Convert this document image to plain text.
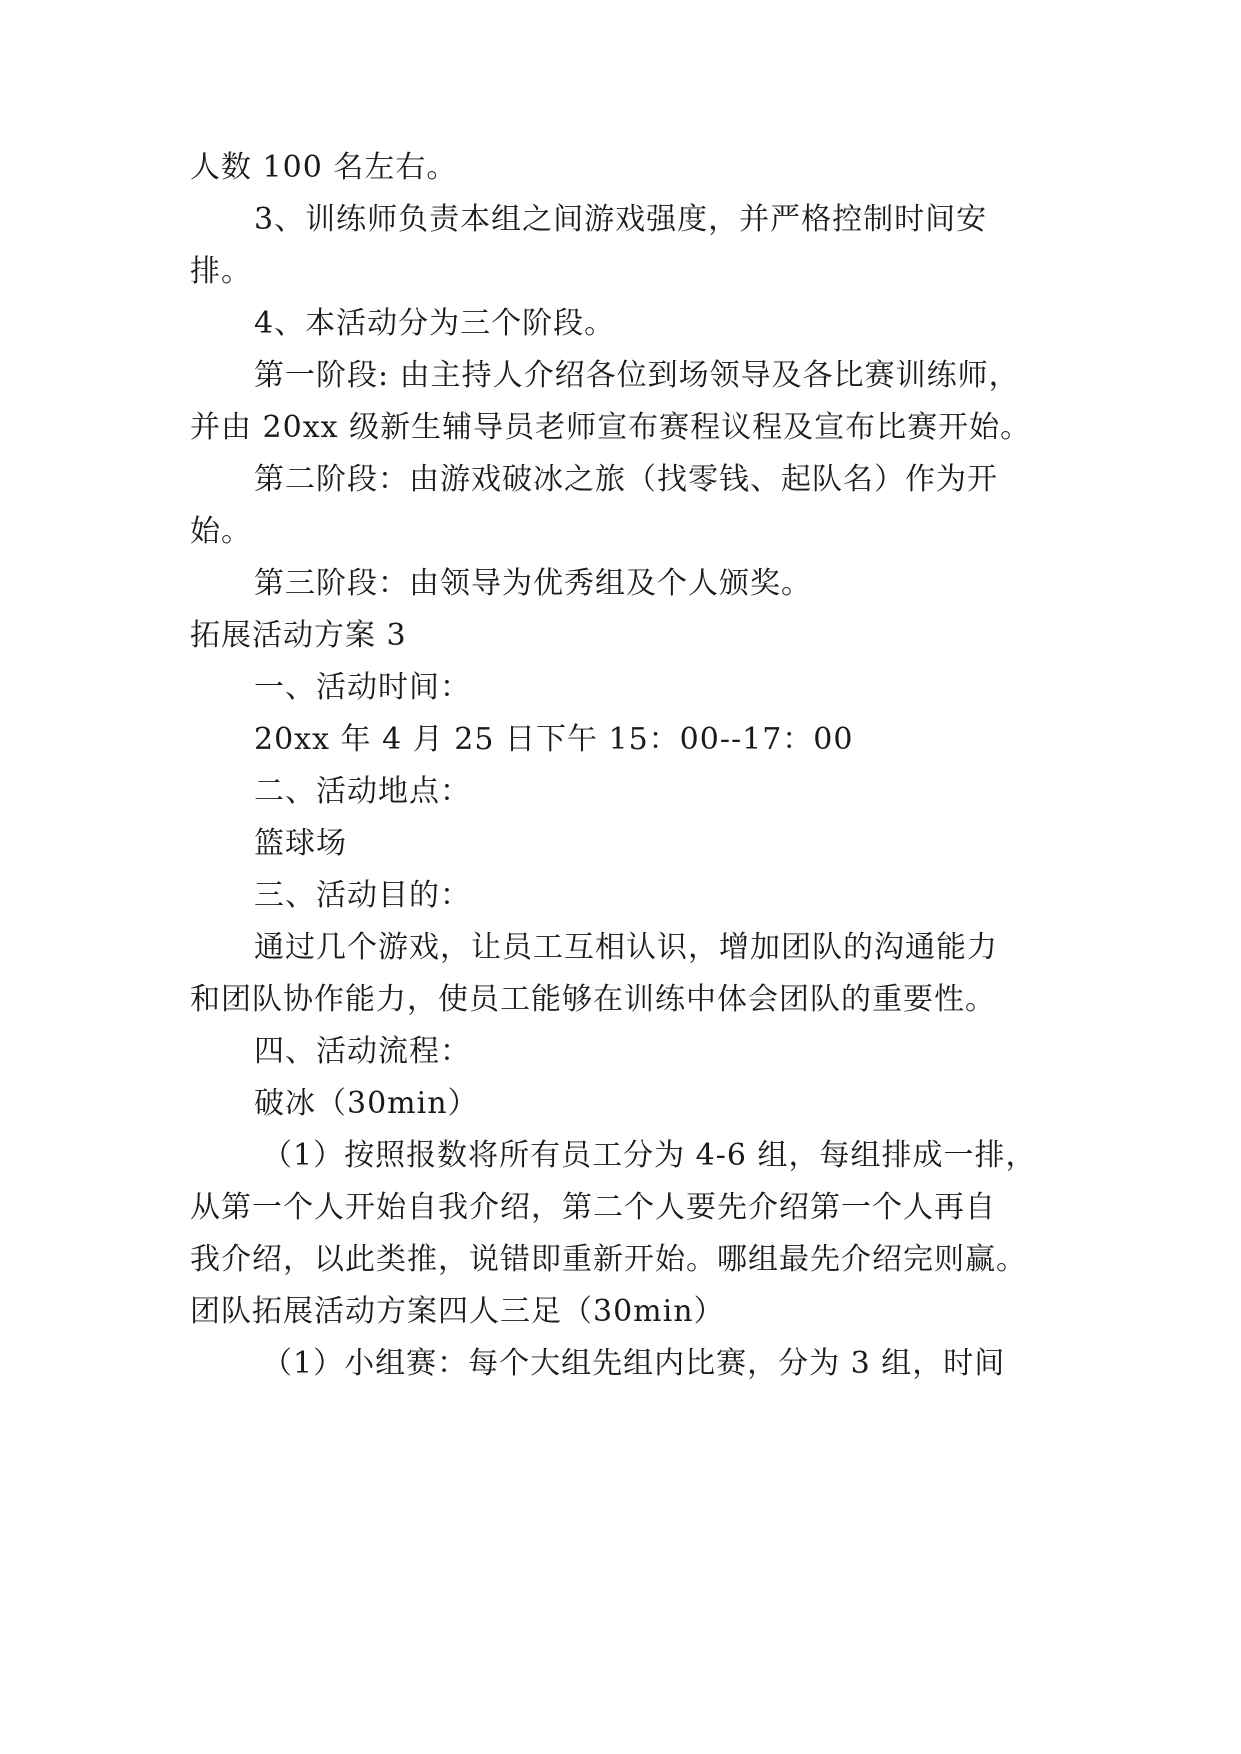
人数 100 名左右。
3、训练师负责本组之间游戏强度，并严格控制时间安
排。
4、本活动分为三个阶段。
第一阶段: 由主持人介绍各位到场领导及各比赛训练师，
并由 20xx 级新生辅导员老师宣布赛程议程及宣布比赛开始。
第二阶段：由游戏破冰之旅（找零钱、起队名）作为开
始。
第三阶段：由领导为优秀组及个人颁奖。
拓展活动方案 3
一、活动时间：
20xx 年 4 月 25 日下午 15：00--17：00
二、活动地点：
篮球场
三、活动目的：
通过几个游戏，让员工互相认识，增加团队的沟通能力
和团队协作能力，使员工能够在训练中体会团队的重要性。
四、活动流程：
破冰（30min）
（1）按照报数将所有员工分为 4-6 组，每组排成一排，
从第一个人开始自我介绍，第二个人要先介绍第一个人再自
我介绍，以此类推，说错即重新开始。哪组最先介绍完则赢。
团队拓展活动方案四人三足（30min）
（1）小组赛：每个大组先组内比赛，分为 3 组，时间
